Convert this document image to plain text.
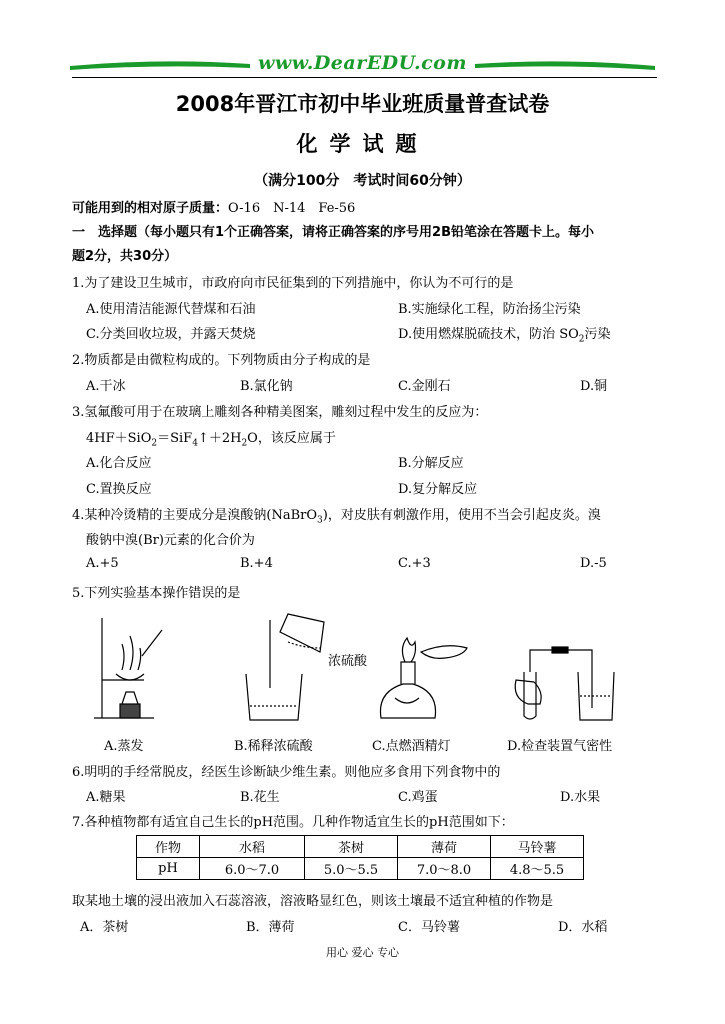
www.DearEDU.com
2008年晋江市初中毕业班质量普查试卷
化学试题
（满分100分　考试时间60分钟）
可能用到的相对原子质量：O-16　N-14　Fe-56
一　选择题（每小题只有1个正确答案，请将正确答案的序号用2B铅笔涂在答题卡上。每小
题2分，共30分）
1.为了建设卫生城市，市政府向市民征集到的下列措施中，你认为不可行的是
A.使用清洁能源代替煤和石油	B.实施绿化工程，防治扬尘污染
C.分类回收垃圾，并露天焚烧	D.使用燃煤脱硫技术，防治 $SO_2$污染
2.物质都是由微粒构成的。下列物质由分子构成的是
A.干冰	B.氯化钠	C.金刚石	D.铜
3.氢氟酸可用于在玻璃上雕刻各种精美图案，雕刻过程中发生的反应为：
$4HF+SiO_2=SiF_4↑+2H_2O$，该反应属于
A.化合反应	B.分解反应
C.置换反应	D.复分解反应
4.某种冷烫精的主要成分是溴酸钠(NaBrO$_3$)，对皮肤有刺激作用，使用不当会引起皮炎。溴
酸钠中溴(Br)元素的化合价为
A.+5	B.+4	C.+3	D.-5
5.下列实验基本操作错误的是
浓硫酸
A.蒸发	B.稀释浓硫酸	C.点燃酒精灯	D.检查装置气密性
6.明明的手经常脱皮，经医生诊断缺少维生素。则他应多食用下列食物中的
A.糖果	B.花生	C.鸡蛋	D.水果
7.各种植物都有适宜自己生长的pH范围。几种作物适宜生长的pH范围如下：
作物	水稻	茶树	薄荷	马铃薯
pH	6.0～7.0	5.0～5.5	7.0～8.0	4.8～5.5
取某地土壤的浸出液加入石蕊溶液，溶液略显红色，则该土壤最不适宜种植的作物是
A．茶树	B．薄荷	C．马铃薯	D．水稻
用心 爱心 专心
